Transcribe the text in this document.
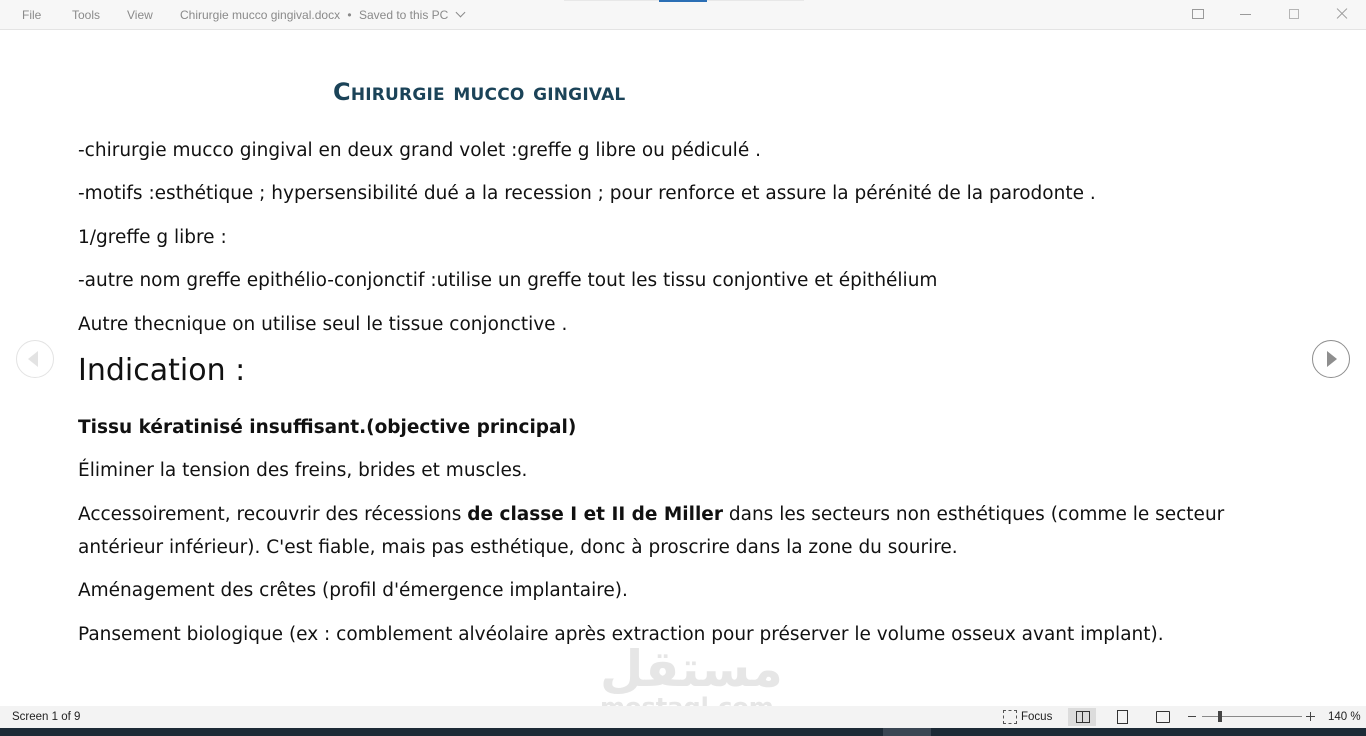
File	Tools View Chirurgie mucco gingival.docx • Saved to this PC
Chirurgie mucco gingival

-chirurgie mucco gingival en deux grand volet :greffe g libre ou pédiculé .

-motifs :esthétique ; hypersensibilité dué a la recession ; pour renforce et assure la pérénité de la parodonte .

1/greffe g libre :

-autre nom greffe epithélio-conjonctif :utilise un greffe tout les tissu conjontive et épithélium

Autre thecnique on utilise seul le tissue conjonctive .

Indication :

Tissu kératinisé insuffisant.(objective principal)

Éliminer la tension des freins, brides et muscles.

Accessoirement, recouvrir des récessions de classe I et II de Miller dans les secteurs non esthétiques (comme le secteur antérieur inférieur). C'est fiable, mais pas esthétique, donc à proscrire dans la zone du sourire.

Aménagement des crêtes (profil d'émergence implantaire).

Pansement biologique (ex : comblement alvéolaire après extraction pour préserver le volume osseux avant implant).

مستقل
Screen 1 of 9	Focus	140 %
